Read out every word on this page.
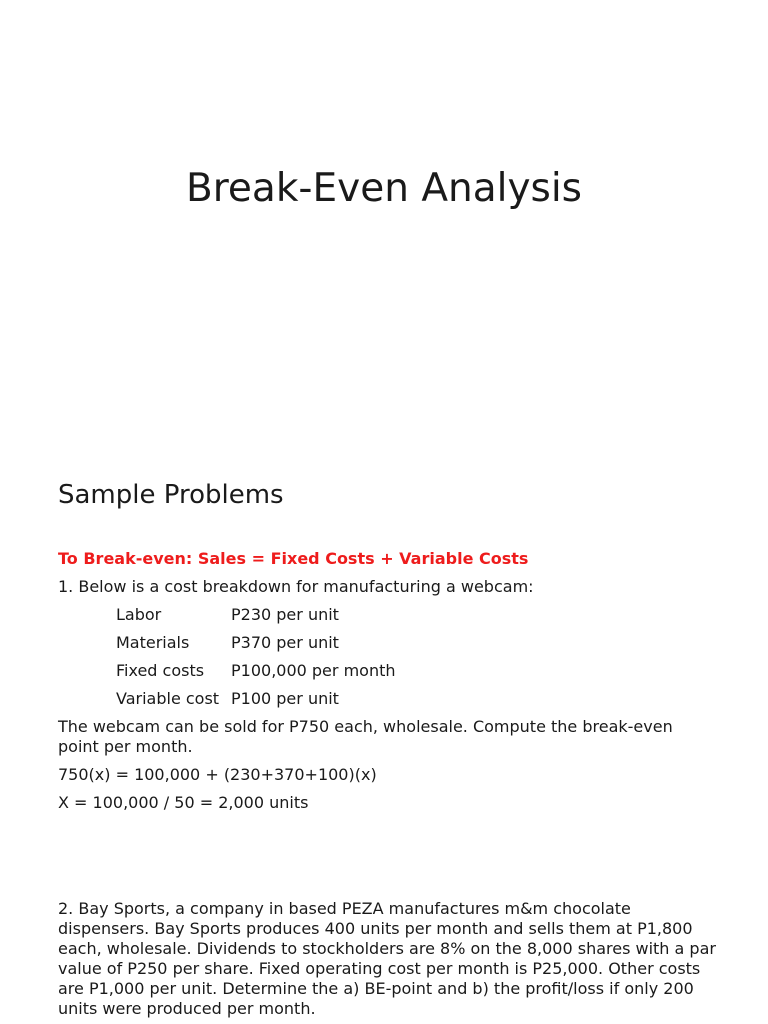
Break-Even Analysis
Sample Problems
To Break-even: Sales = Fixed Costs + Variable Costs
1. Below is a cost breakdown for manufacturing a webcam:
Labor	P230 per unit
Materials	P370 per unit
Fixed costs P100,000 per month
Variable cost P100 per unit
The webcam can be sold for P750 each, wholesale. Compute the break-even point per month.
750(x) = 100,000 + (230+370+100)(x)
X = 100,000 / 50 = 2,000 units
2. Bay Sports, a company in based PEZA manufactures m&m chocolate dispensers. Bay Sports produces 400 units per month and sells them at P1,800 each, wholesale. Dividends to stockholders are 8% on the 8,000 shares with a par value of P250 per share. Fixed operating cost per month is P25,000. Other costs are P1,000 per unit. Determine the a) BE-point and b) the profit/loss if only 200 units were produced per month.
